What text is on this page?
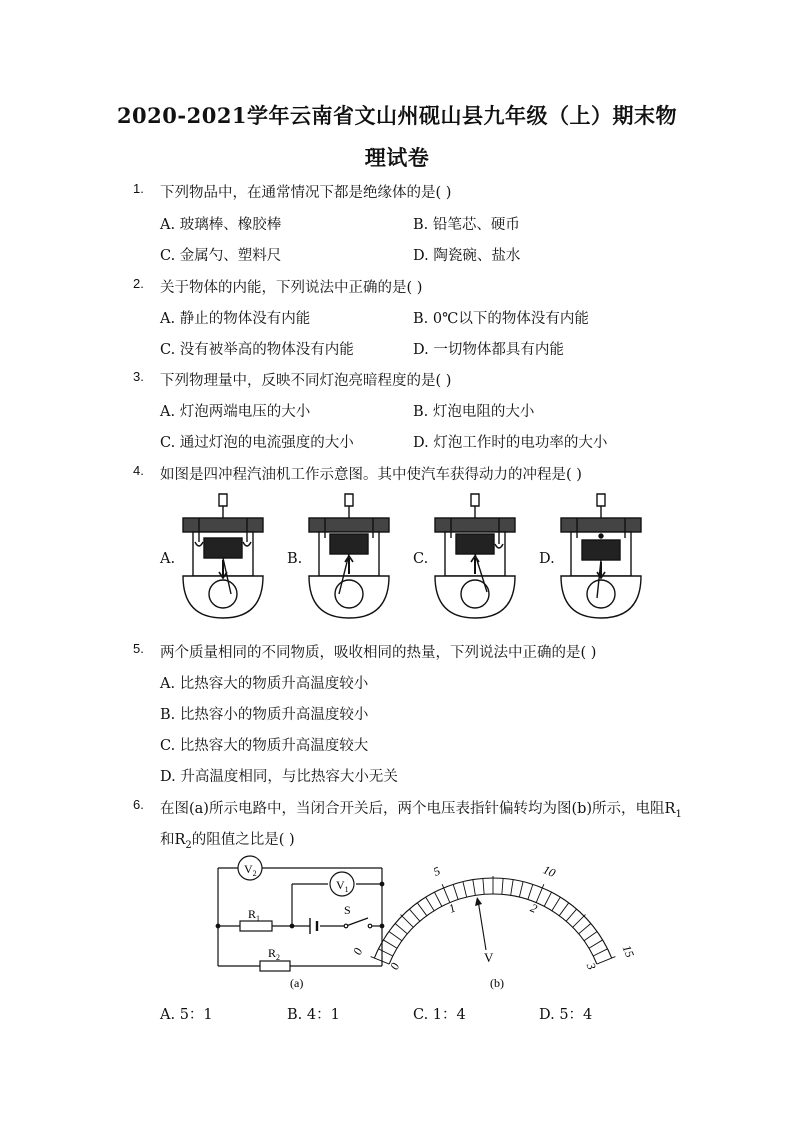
2020-2021学年云南省文山州砚山县九年级（上）期末物
理试卷
1. 下列物品中，在通常情况下都是绝缘体的是( )
A. 玻璃棒、橡胶棒	B. 铅笔芯、硬币
C. 金属勺、塑料尺	D. 陶瓷碗、盐水
2. 关于物体的内能，下列说法中正确的是( )
A. 静止的物体没有内能	B. 0℃以下的物体没有内能
C. 没有被举高的物体没有内能	D. 一切物体都具有内能
3. 下列物理量中，反映不同灯泡亮暗程度的是( )
A. 灯泡两端电压的大小	B. 灯泡电阻的大小
C. 通过灯泡的电流强度的大小	D. 灯泡工作时的电功率的大小
4. 如图是四冲程汽油机工作示意图。其中使汽车获得动力的冲程是( )
A.	B.	C.	D.
5. 两个质量相同的不同物质，吸收相同的热量，下列说法中正确的是( )
A. 比热容大的物质升高温度较小
B. 比热容小的物质升高温度较小
C. 比热容大的物质升高温度较大
D. 升高温度相同，与比热容大小无关
6. 在图(a)所示电路中，当闭合开关后，两个电压表指针偏转均为图(b)所示，电阻$R_1$
和$R_2$的阻值之比是( )
$V_2$
$V_1$
$R_1$
$R_2$
S
(a)
0
5	10
15
0
1	2
3
V
(b)
A. 5：1	B. 4：1	C. 1：4	D. 5：4
